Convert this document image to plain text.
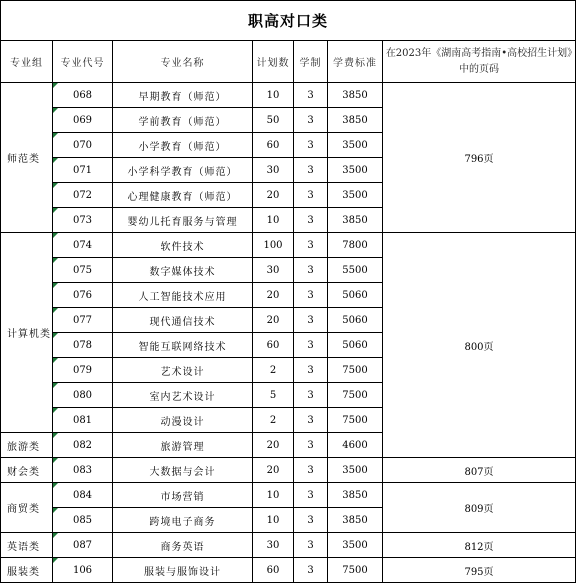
职高对口类
专业组	专业代号	专业名称	计划数	学制	学费标准	在2023年《湖南高考指南•高校招生计划》中的页码
师范类	068	早期教育（师范）	10	3	3850	796页

069	学前教育（师范）	50	3	3850	

070	小学教育（师范）	60	3	3500	

071	小学科学教育（师范）	30	3	3500	

072	心理健康教育（师范）	20	3	3500	

073	婴幼儿托育服务与管理	10	3	3850	
计算机类	074	软件技术	100	3	7800	800页

075	数字媒体技术	30	3	5500	

076	人工智能技术应用	20	3	5060	

077	现代通信技术	20	3	5060	

078	智能互联网络技术	60	3	5060	

079	艺术设计	2	3	7500	

080	室内艺术设计	5	3	7500	

081	动漫设计	2	3	7500	
旅游类	082	旅游管理	20	3	4600	
财会类	083	大数据与会计	20	3	3500	807页
商贸类	084	市场营销	10	3	3850	809页

085	跨境电子商务	10	3	3850	
英语类	087	商务英语	30	3	3500	812页
服装类	106	服装与服饰设计	60	3	7500	795页
